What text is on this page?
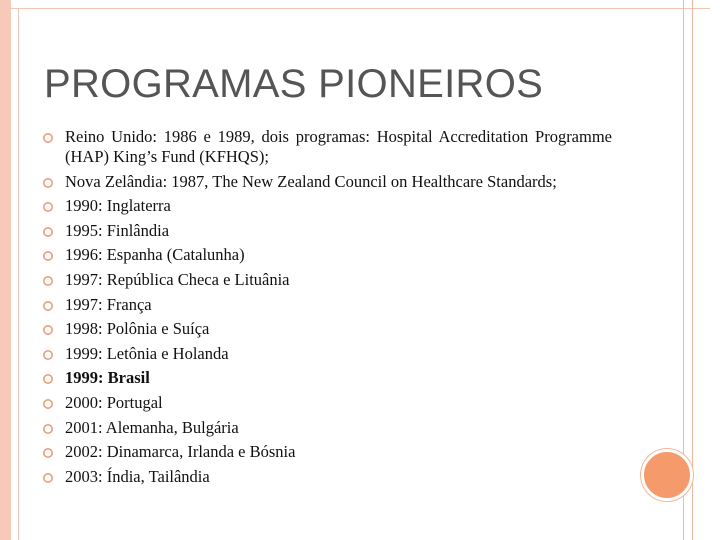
PROGRAMAS PIONEIROS
Reino Unido: 1986 e 1989, dois programas: Hospital Accreditation Programme (HAP) King’s Fund (KFHQS);
Nova Zelândia: 1987, The New Zealand Council on Healthcare Standards;
1990: Inglaterra
1995: Finlândia
1996: Espanha (Catalunha)
1997: República Checa e Lituânia
1997: França
1998: Polônia e Suíça
1999: Letônia e Holanda
1999: Brasil
2000: Portugal
2001: Alemanha, Bulgária
2002: Dinamarca, Irlanda e Bósnia
2003: Índia, Tailândia
